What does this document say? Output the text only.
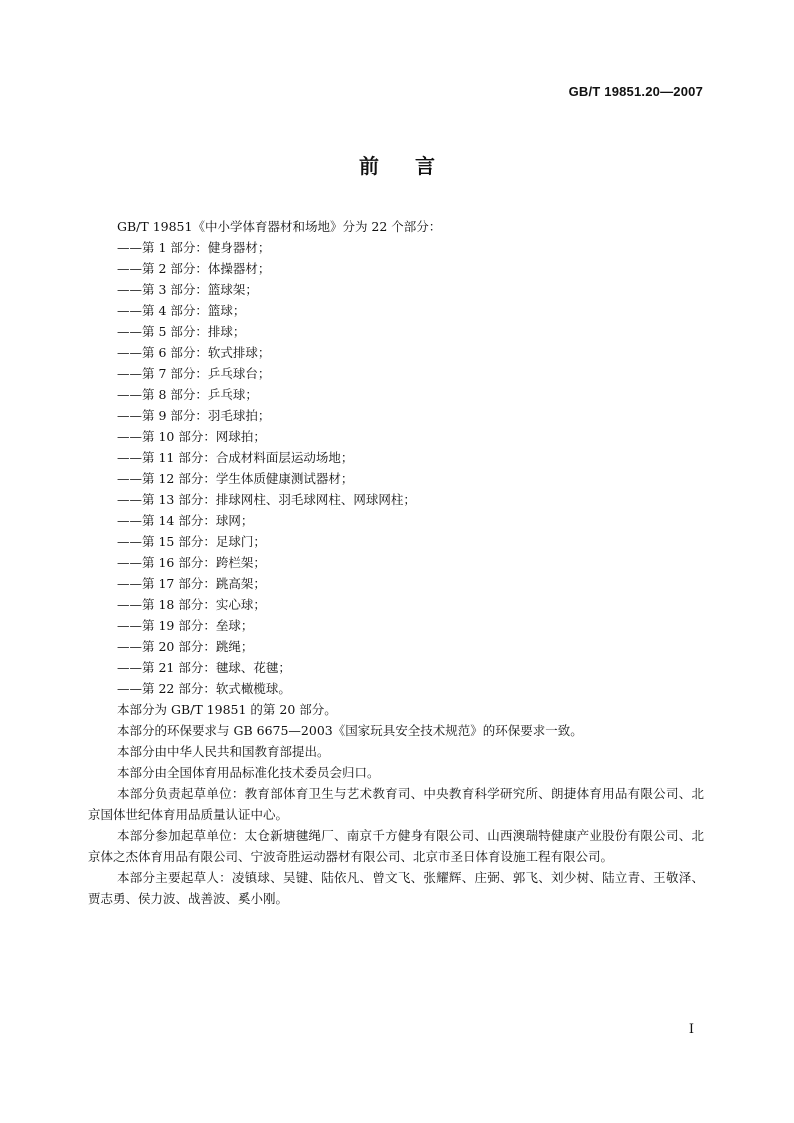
GB/T 19851.20—2007
前言

GB/T 19851《中小学体育器材和场地》分为 22 个部分：

——第 1 部分：健身器材；
——第 2 部分：体操器材；
——第 3 部分：篮球架；
——第 4 部分：篮球；
——第 5 部分：排球；
——第 6 部分：软式排球；
——第 7 部分：乒乓球台；
——第 8 部分：乒乓球；
——第 9 部分：羽毛球拍；
——第 10 部分：网球拍；
——第 11 部分：合成材料面层运动场地；
——第 12 部分：学生体质健康测试器材；
——第 13 部分：排球网柱、羽毛球网柱、网球网柱；
——第 14 部分：球网；
——第 15 部分：足球门；
——第 16 部分：跨栏架；
——第 17 部分：跳高架；
——第 18 部分：实心球；
——第 19 部分：垒球；
——第 20 部分：跳绳；
——第 21 部分：毽球、花毽；
——第 22 部分：软式橄榄球。

本部分为 GB/T 19851 的第 20 部分。

本部分的环保要求与 GB 6675—2003《国家玩具安全技术规范》的环保要求一致。

本部分由中华人民共和国教育部提出。

本部分由全国体育用品标准化技术委员会归口。

本部分负责起草单位：教育部体育卫生与艺术教育司、中央教育科学研究所、朗捷体育用品有限公司、北京国体世纪体育用品质量认证中心。

本部分参加起草单位：太仓新塘毽绳厂、南京千方健身有限公司、山西澳瑞特健康产业股份有限公司、北京体之杰体育用品有限公司、宁波奇胜运动器材有限公司、北京市圣日体育设施工程有限公司。

本部分主要起草人：凌镇球、吴键、陆依凡、曾文飞、张耀辉、庄弼、郭飞、刘少树、陆立青、王敬泽、贾志勇、侯力波、战善波、奚小刚。

I
